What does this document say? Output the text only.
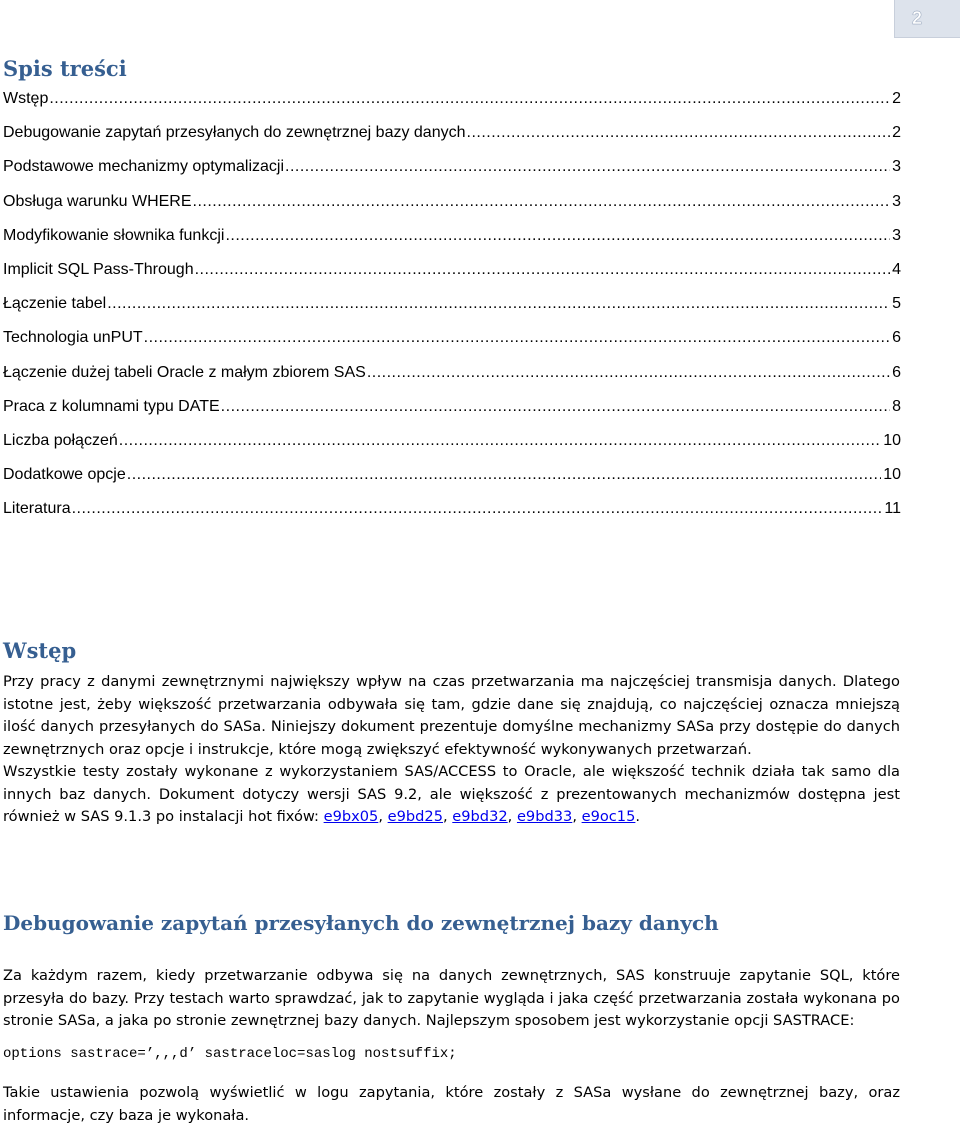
2
Spis treści
Wstęp .....	2
Debugowanie zapytań przesyłanych do zewnętrznej bazy danych .....	2
Podstawowe mechanizmy optymalizacji .....	3
Obsługa warunku WHERE .....	3
Modyfikowanie słownika funkcji .....	3
Implicit SQL Pass-Through .....	4
Łączenie tabel .....	5
Technologia unPUT .....	6
Łączenie dużej tabeli Oracle z małym zbiorem SAS .....	6
Praca z kolumnami typu DATE .....	8
Liczba połączeń .....	10
Dodatkowe opcje .....	10
Literatura .....	11
Wstęp

Przy pracy z danymi zewnętrznymi największy wpływ na czas przetwarzania ma najczęściej transmisja danych. Dlatego istotne jest, żeby większość przetwarzania odbywała się tam, gdzie dane się znajdują, co najczęściej oznacza mniejszą ilość danych przesyłanych do SASa. Niniejszy dokument prezentuje domyślne mechanizmy SASa przy dostępie do danych zewnętrznych oraz opcje i instrukcje, które mogą zwiększyć efektywność wykonywanych przetwarzań.
Wszystkie testy zostały wykonane z wykorzystaniem SAS/ACCESS to Oracle, ale większość technik działa tak samo dla innych baz danych. Dokument dotyczy wersji SAS 9.2, ale większość z prezentowanych mechanizmów dostępna jest również w SAS 9.1.3 po instalacji hot fixów: e9bx05, e9bd25, e9bd32, e9bd33, e9oc15.

Debugowanie zapytań przesyłanych do zewnętrznej bazy danych

Za każdym razem, kiedy przetwarzanie odbywa się na danych zewnętrznych, SAS konstruuje zapytanie SQL, które przesyła do bazy. Przy testach warto sprawdzać, jak to zapytanie wygląda i jaka część przetwarzania została wykonana po stronie SASa, a jaka po stronie zewnętrznej bazy danych. Najlepszym sposobem jest wykorzystanie opcji SASTRACE:

options sastrace=’,,,d’ sastraceloc=saslog nostsuffix;

Takie ustawienia pozwolą wyświetlić w logu zapytania, które zostały z SASa wysłane do zewnętrznej bazy, oraz informacje, czy baza je wykonała.
